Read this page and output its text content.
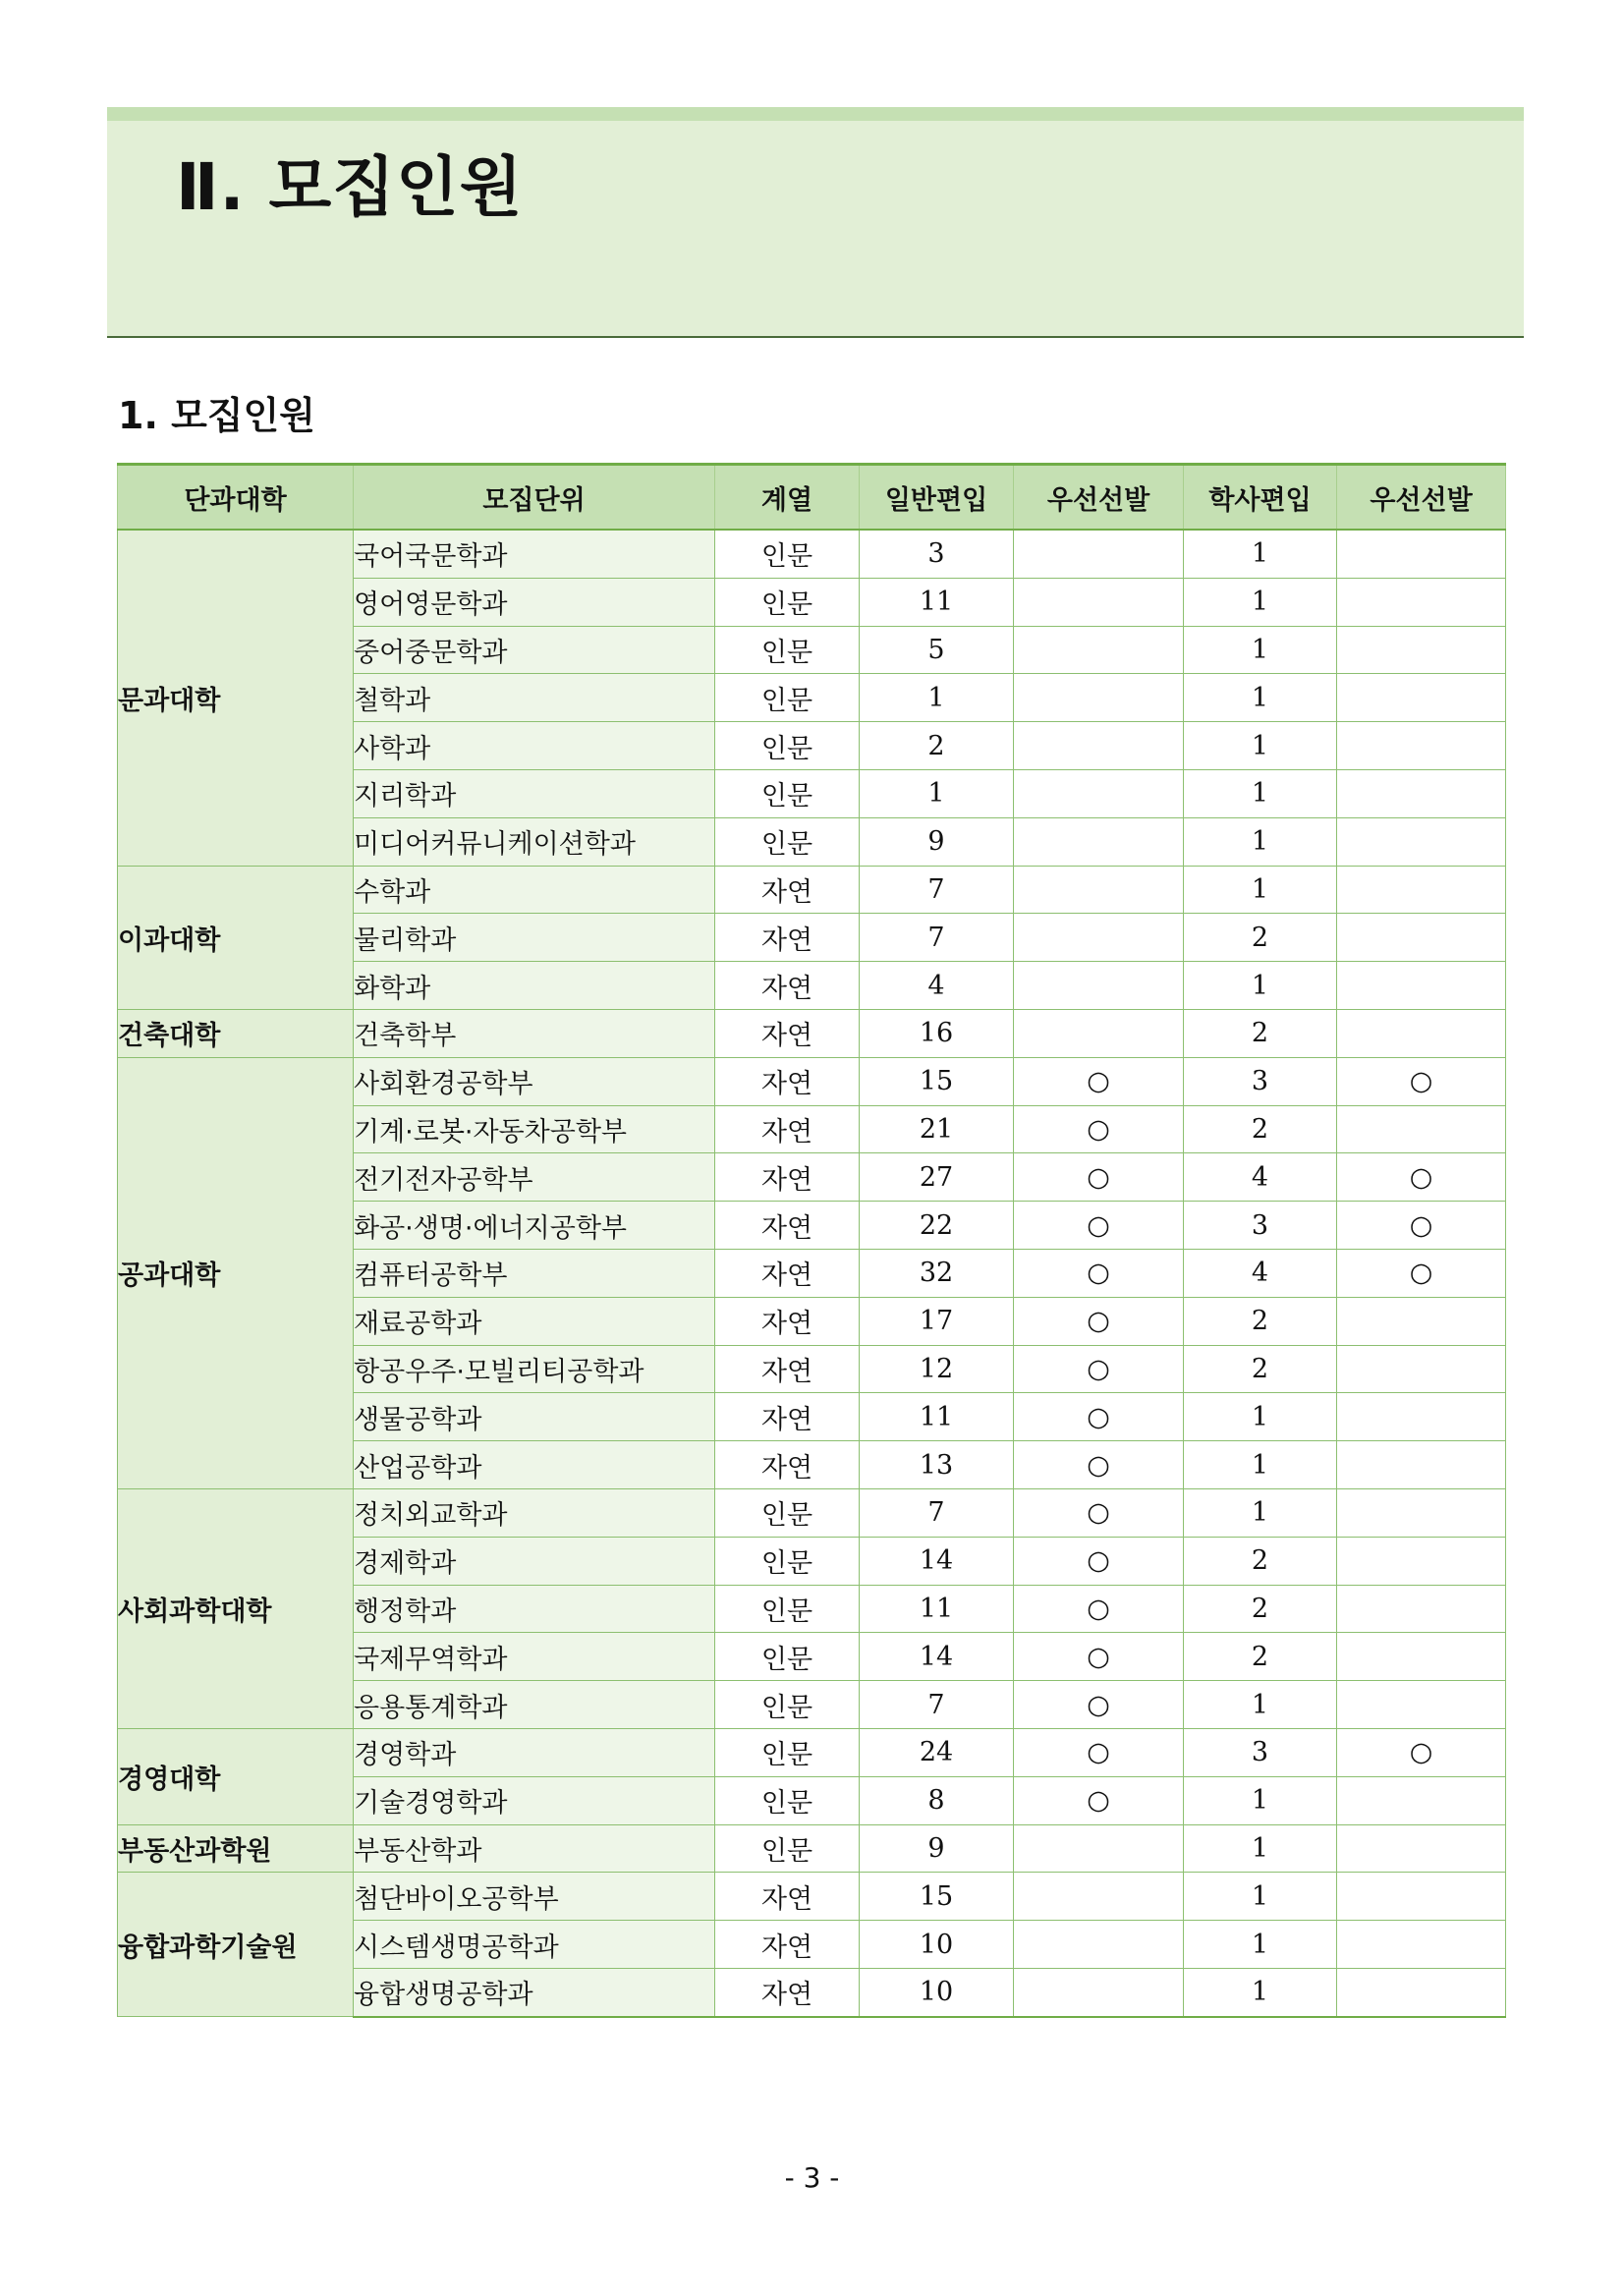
Ⅱ. 모집인원
1. 모집인원
단과대학	모집단위	계열	일반편입	우선선발	학사편입	우선선발
문과대학	국어국문학과	인문	3		1	
	영어영문학과	인문	11		1	
	중어중문학과	인문	5		1	
	철학과	인문	1		1	
	사학과	인문	2		1	
	지리학과	인문	1		1	
	미디어커뮤니케이션학과	인문	9		1	
이과대학	수학과	자연	7		1	
	물리학과	자연	7		2	
	화학과	자연	4		1	
건축대학	건축학부	자연	16		2	
공과대학	사회환경공학부	자연	15	○	3	○
	기계·로봇·자동차공학부	자연	21	○	2	
	전기전자공학부	자연	27	○	4	○
	화공·생명·에너지공학부	자연	22	○	3	○
	컴퓨터공학부	자연	32	○	4	○
	재료공학과	자연	17	○	2	
	항공우주·모빌리티공학과	자연	12	○	2	
	생물공학과	자연	11	○	1	
	산업공학과	자연	13	○	1	
사회과학대학	정치외교학과	인문	7	○	1	
	경제학과	인문	14	○	2	
	행정학과	인문	11	○	2	
	국제무역학과	인문	14	○	2	
	응용통계학과	인문	7	○	1	
경영대학	경영학과	인문	24	○	3	○
	기술경영학과	인문	8	○	1	
부동산과학원	부동산학과	인문	9		1	
융합과학기술원	첨단바이오공학부	자연	15		1	
	시스템생명공학과	자연	10		1	
	융합생명공학과	자연	10		1	
- 3 -
